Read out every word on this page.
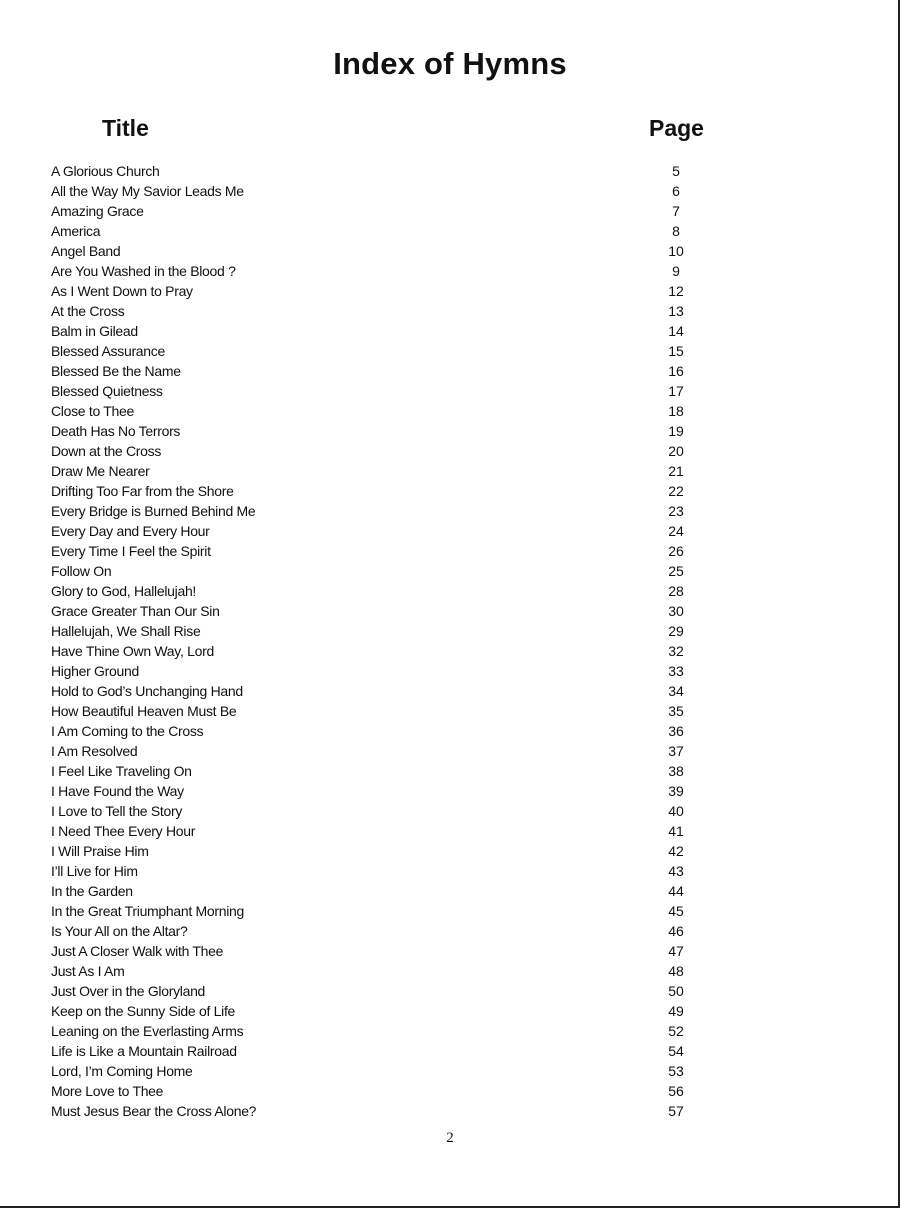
Index of Hymns
Title	Page
A Glorious Church	5
All the Way My Savior Leads Me	6
Amazing Grace	7
America	8
Angel Band	10
Are You Washed in the Blood ?	9
As I Went Down to Pray	12
At the Cross	13
Balm in Gilead	14
Blessed Assurance	15
Blessed Be the Name	16
Blessed Quietness	17
Close to Thee	18
Death Has No Terrors	19
Down at the Cross	20
Draw Me Nearer	21
Drifting Too Far from the Shore	22
Every Bridge is Burned Behind Me	23
Every Day and Every Hour	24
Every Time I Feel the Spirit	26
Follow On	25
Glory to God, Hallelujah!	28
Grace Greater Than Our Sin	30
Hallelujah, We Shall Rise	29
Have Thine Own Way, Lord	32
Higher Ground	33
Hold to God’s Unchanging Hand	34
How Beautiful Heaven Must Be	35
I Am Coming to the Cross	36
I Am Resolved	37
I Feel Like Traveling On	38
I Have Found the Way	39
I Love to Tell the Story	40
I Need Thee Every Hour	41
I Will Praise Him	42
I’ll Live for Him	43
In the Garden	44
In the Great Triumphant Morning	45
Is Your All on the Altar?	46
Just A Closer Walk with Thee	47
Just As I Am	48
Just Over in the Gloryland	50
Keep on the Sunny Side of Life	49
Leaning on the Everlasting Arms	52
Life is Like a Mountain Railroad	54
Lord, I’m Coming Home	53
More Love to Thee	56
Must Jesus Bear the Cross Alone?	57
2
